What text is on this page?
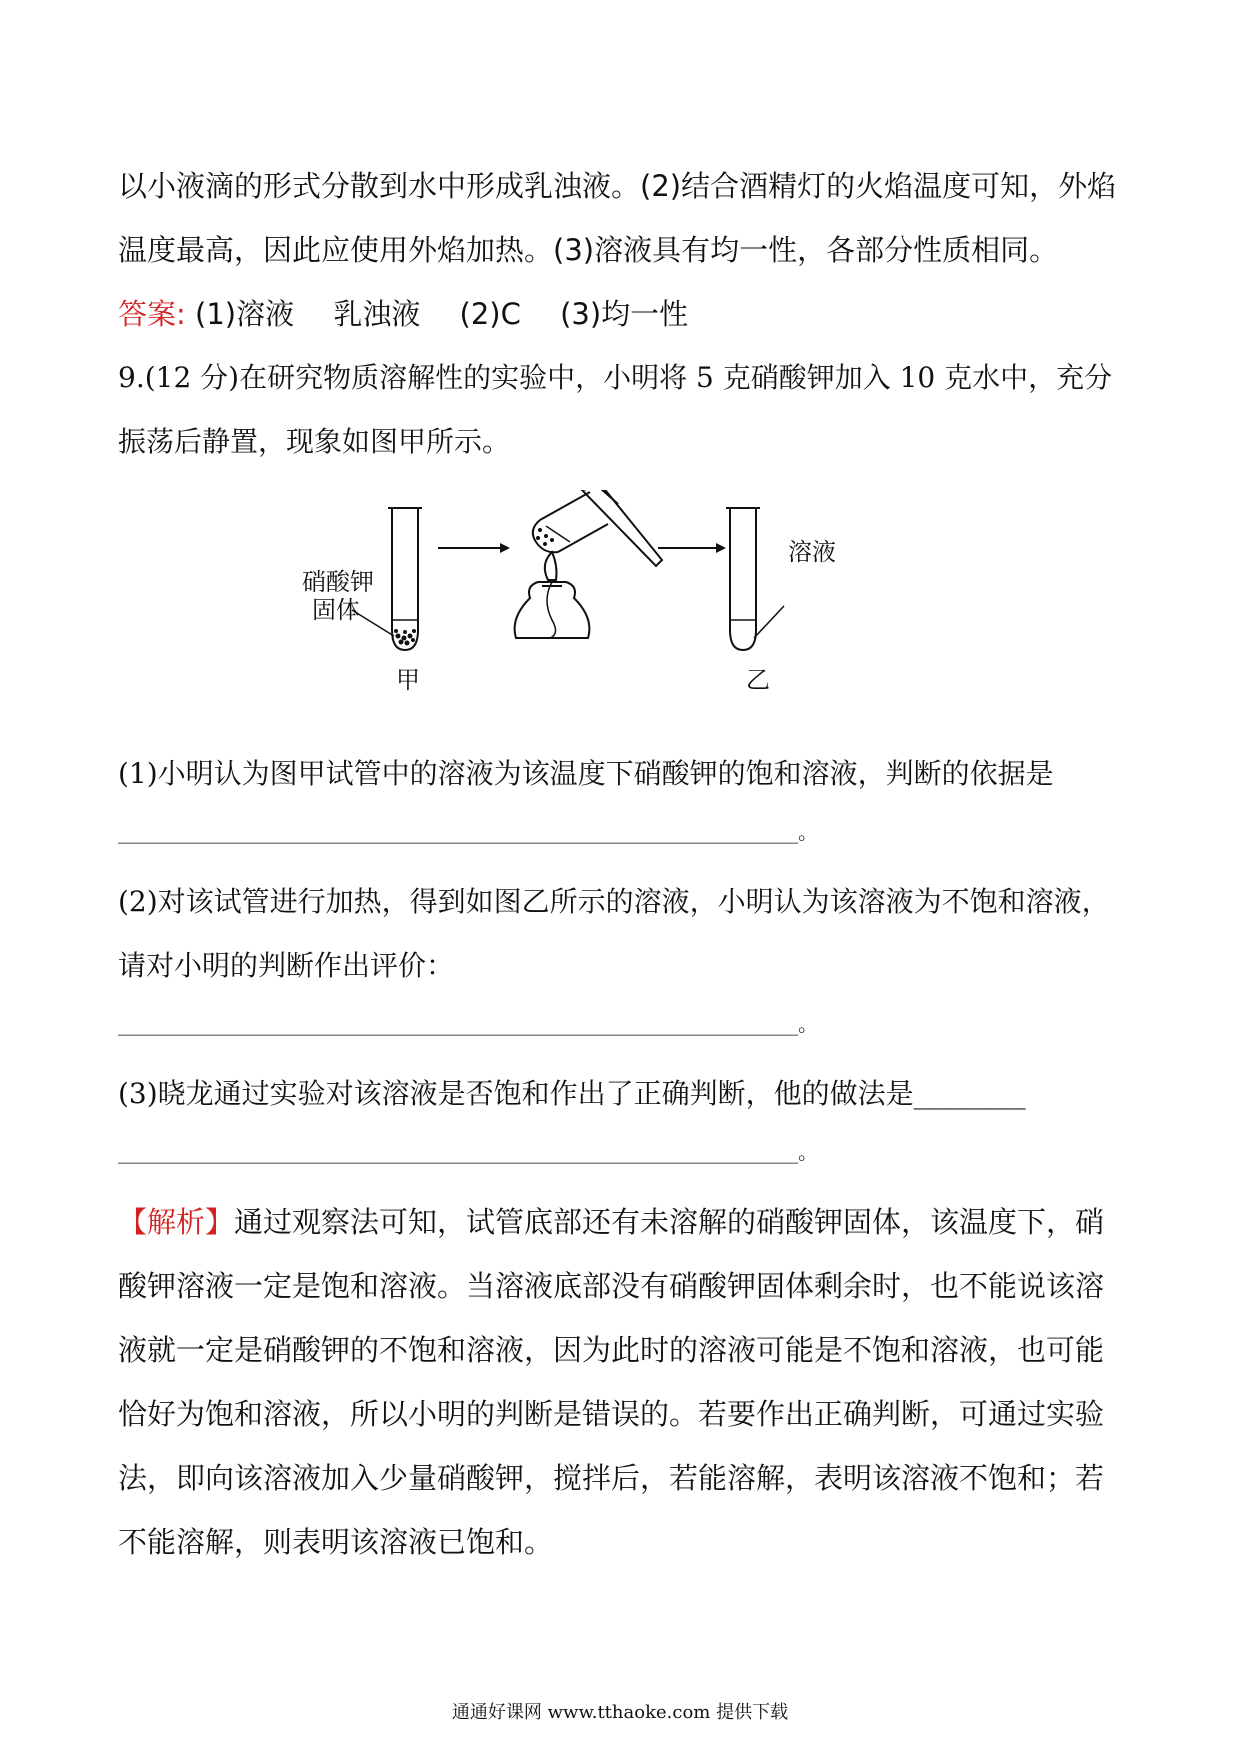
以小液滴的形式分散到水中形成乳浊液。(2)结合酒精灯的火焰温度可知，外焰
温度最高，因此应使用外焰加热。(3)溶液具有均一性，各部分性质相同。
答案: (1)溶液 乳浊液 (2)C (3)均一性
9.(12 分)在研究物质溶解性的实验中，小明将 5 克硝酸钾加入 10 克水中，充分
振荡后静置，现象如图甲所示。
硝酸钾
固体
甲
溶液
乙
(1)小明认为图甲试管中的溶液为该温度下硝酸钾的饱和溶液，判断的依据是
____________________________________________________________________。
(2)对该试管进行加热，得到如图乙所示的溶液，小明认为该溶液为不饱和溶液，
请对小明的判断作出评价：
____________________________________________________________________。
(3)晓龙通过实验对该溶液是否饱和作出了正确判断，他的做法是________
____________________________________________________________________。
【解析】通过观察法可知，试管底部还有未溶解的硝酸钾固体，该温度下，硝
酸钾溶液一定是饱和溶液。当溶液底部没有硝酸钾固体剩余时，也不能说该溶
液就一定是硝酸钾的不饱和溶液，因为此时的溶液可能是不饱和溶液，也可能
恰好为饱和溶液，所以小明的判断是错误的。若要作出正确判断，可通过实验
法，即向该溶液加入少量硝酸钾，搅拌后，若能溶解，表明该溶液不饱和；若
不能溶解，则表明该溶液已饱和。
通通好课网 www.tthaoke.com 提供下载
